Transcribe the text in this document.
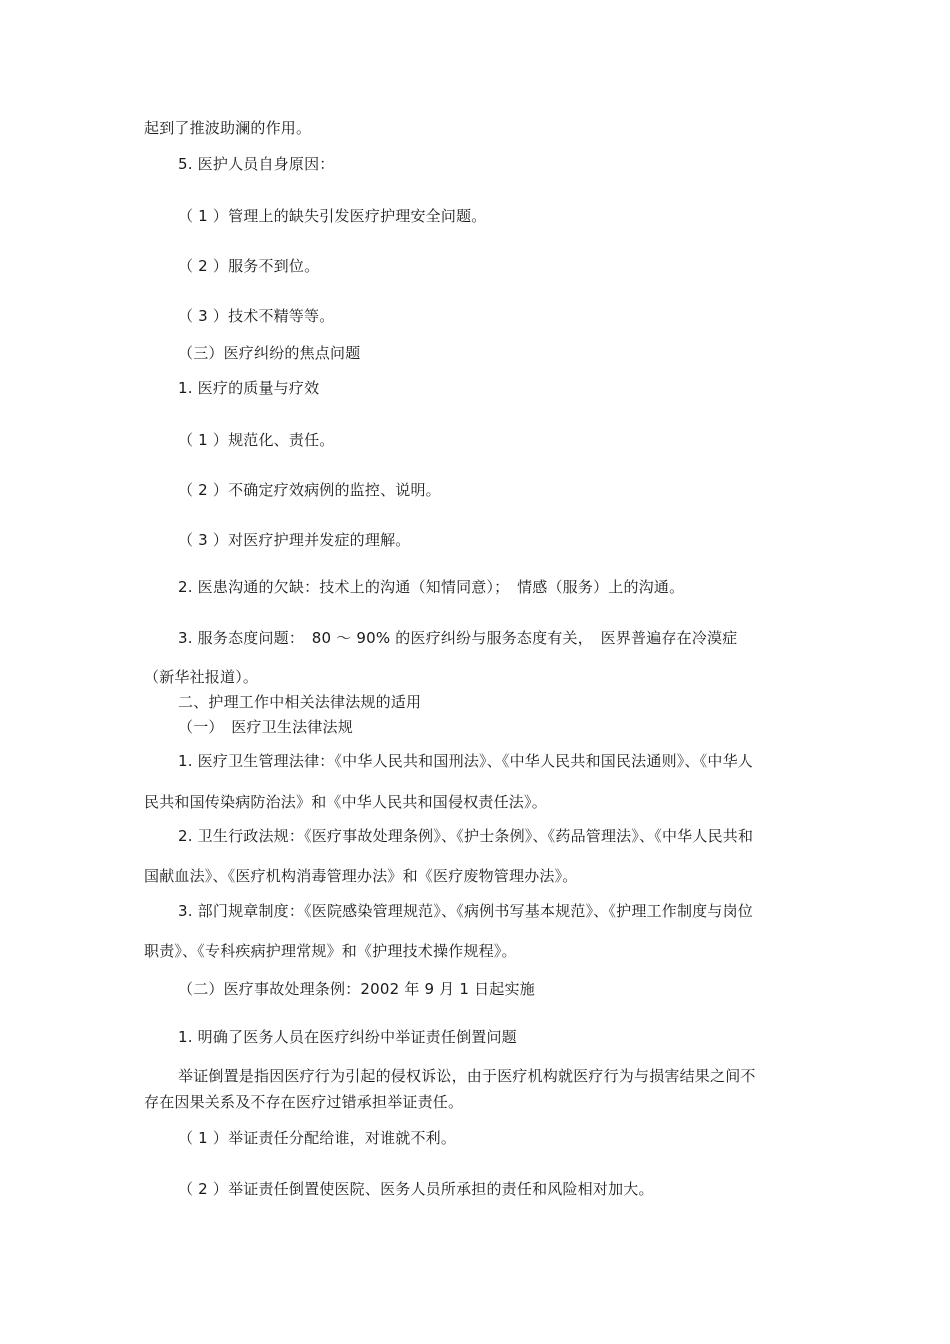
起到了推波助澜的作用。
5. 医护人员自身原因：
（ 1 ）管理上的缺失引发医疗护理安全问题。
（ 2 ）服务不到位。
（ 3 ）技术不精等等。
（三）医疗纠纷的焦点问题
1. 医疗的质量与疗效
（ 1 ）规范化、责任。
（ 2 ）不确定疗效病例的监控、说明。
（ 3 ）对医疗护理并发症的理解。
2. 医患沟通的欠缺：技术上的沟通（知情同意）；　情感（服务）上的沟通。
3. 服务态度问题：　80 ～ 90% 的医疗纠纷与服务态度有关，　医界普遍存在冷漠症
（新华社报道）。
二、护理工作中相关法律法规的适用
（一）　医疗卫生法律法规
1. 医疗卫生管理法律：《中华人民共和国刑法》、《中华人民共和国民法通则》、《中华人
民共和国传染病防治法》和《中华人民共和国侵权责任法》。
2. 卫生行政法规：《医疗事故处理条例》、《护士条例》、《药品管理法》、《中华人民共和
国献血法》、《医疗机构消毒管理办法》和《医疗废物管理办法》。
3. 部门规章制度：《医院感染管理规范》、《病例书写基本规范》、《护理工作制度与岗位
职责》、《专科疾病护理常规》和《护理技术操作规程》。
（二）医疗事故处理条例：2002 年 9 月 1 日起实施
1. 明确了医务人员在医疗纠纷中举证责任倒置问题
举证倒置是指因医疗行为引起的侵权诉讼，由于医疗机构就医疗行为与损害结果之间不
存在因果关系及不存在医疗过错承担举证责任。
（ 1 ）举证责任分配给谁，对谁就不利。
（ 2 ）举证责任倒置使医院、医务人员所承担的责任和风险相对加大。
